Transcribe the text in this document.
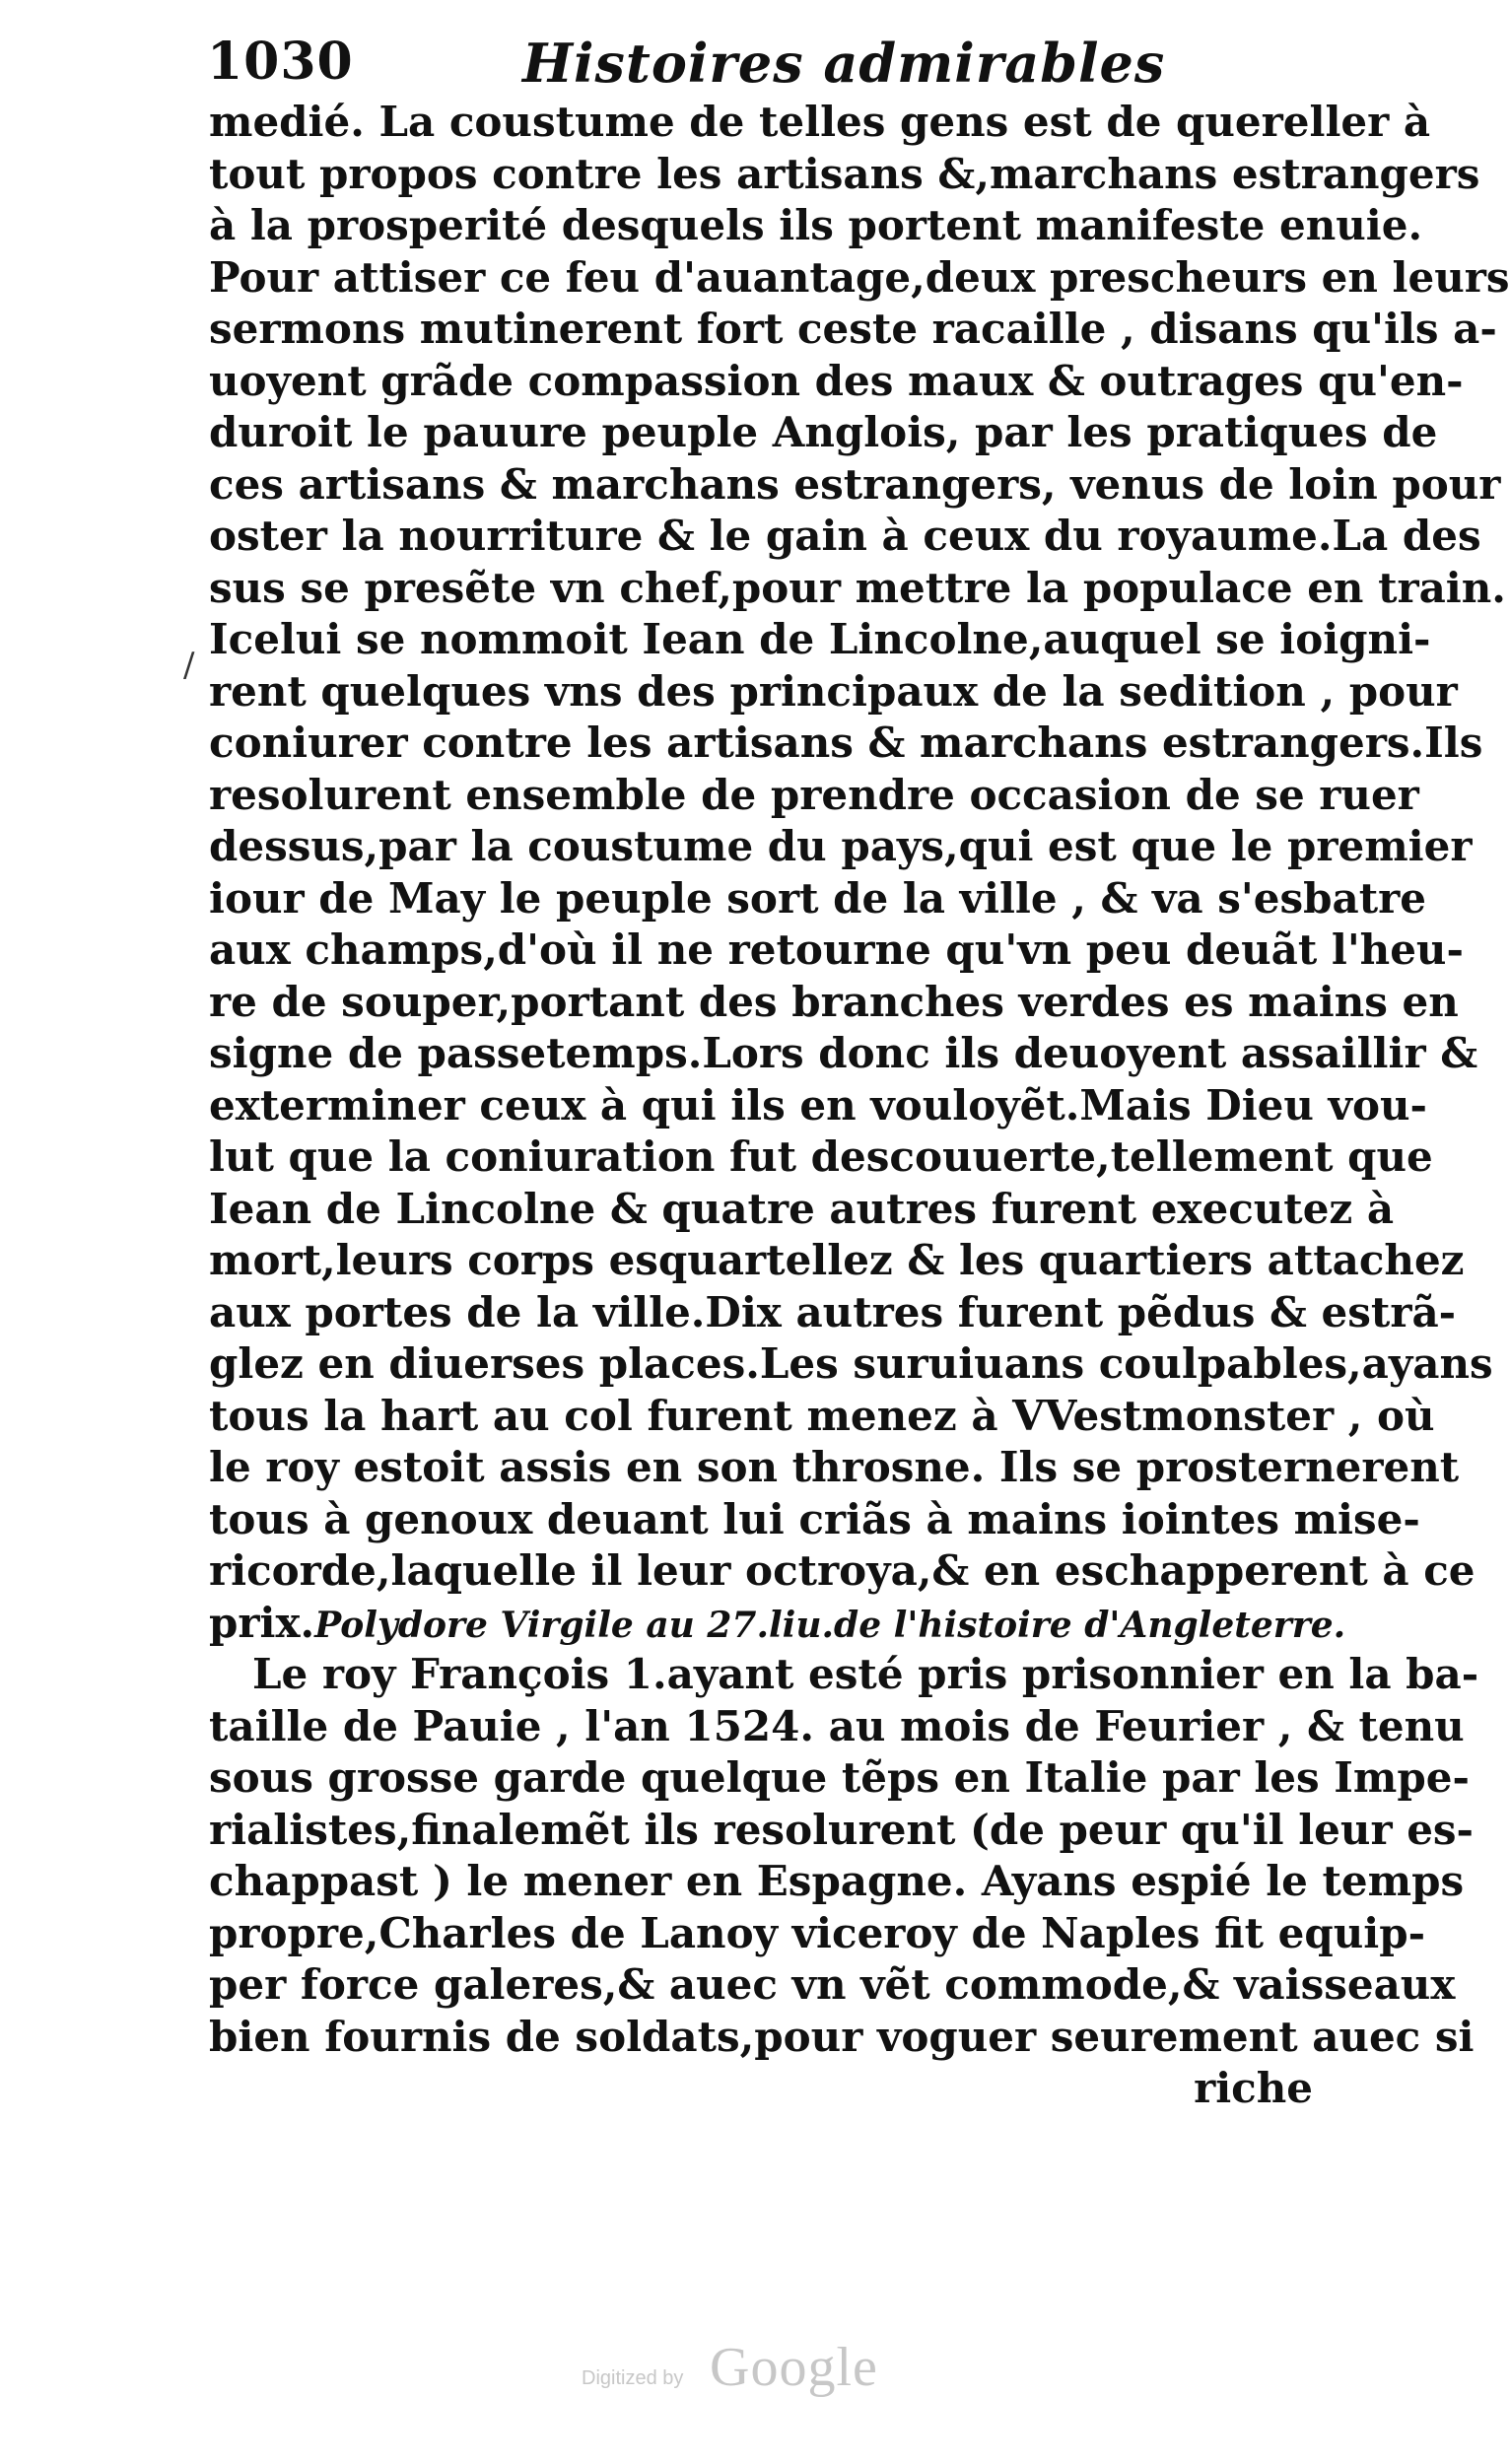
1030	Histoires admirables
/
medié. La coustume de telles gens est de quereller à
tout propos contre les artisans &,marchans estrangers
à la prosperité desquels ils portent manifeste enuie.
Pour attiser ce feu d'auantage,deux prescheurs en leurs
sermons mutinerent fort ceste racaille , disans qu'ils a-
uoyent grãde compassion des maux & outrages qu'en-
duroit le pauure peuple Anglois, par les pratiques de
ces artisans & marchans estrangers, venus de loin pour
oster la nourriture & le gain à ceux du royaume.La des
sus se presẽte vn chef,pour mettre la populace en train.
Icelui se nommoit Iean de Lincolne,auquel se ioigni-
rent quelques vns des principaux de la sedition , pour
coniurer contre les artisans & marchans estrangers.Ils
resolurent ensemble de prendre occasion de se ruer
dessus,par la coustume du pays,qui est que le premier
iour de May le peuple sort de la ville , & va s'esbatre
aux champs,d'où il ne retourne qu'vn peu deuãt l'heu-
re de souper,portant des branches verdes es mains en
signe de passetemps.Lors donc ils deuoyent assaillir &
exterminer ceux à qui ils en vouloyẽt.Mais Dieu vou-
lut que la coniuration fut descouuerte,tellement que
Iean de Lincolne & quatre autres furent executez à
mort,leurs corps esquartellez & les quartiers attachez
aux portes de la ville.Dix autres furent pẽdus & estrã-
glez en diuerses places.Les suruiuans coulpables,ayans
tous la hart au col furent menez à VVestmonster , où
le roy estoit assis en son throsne. Ils se prosternerent
tous à genoux deuant lui criãs à mains iointes mise-
ricorde,laquelle il leur octroya,& en eschapperent à ce
prix.Polydore Virgile au 27.liu.de l'histoire d'Angleterre.
Le roy François 1.ayant esté pris prisonnier en la ba-
taille de Pauie , l'an 1524. au mois de Feurier , & tenu
sous grosse garde quelque tẽps en Italie par les Impe-
rialistes,finalemẽt ils resolurent (de peur qu'il leur es-
chappast ) le mener en Espagne. Ayans espié le temps
propre,Charles de Lanoy viceroy de Naples fit equip-
per force galeres,& auec vn vẽt commode,& vaisseaux
bien fournis de soldats,pour voguer seurement auec si
riche
Digitized by Google
